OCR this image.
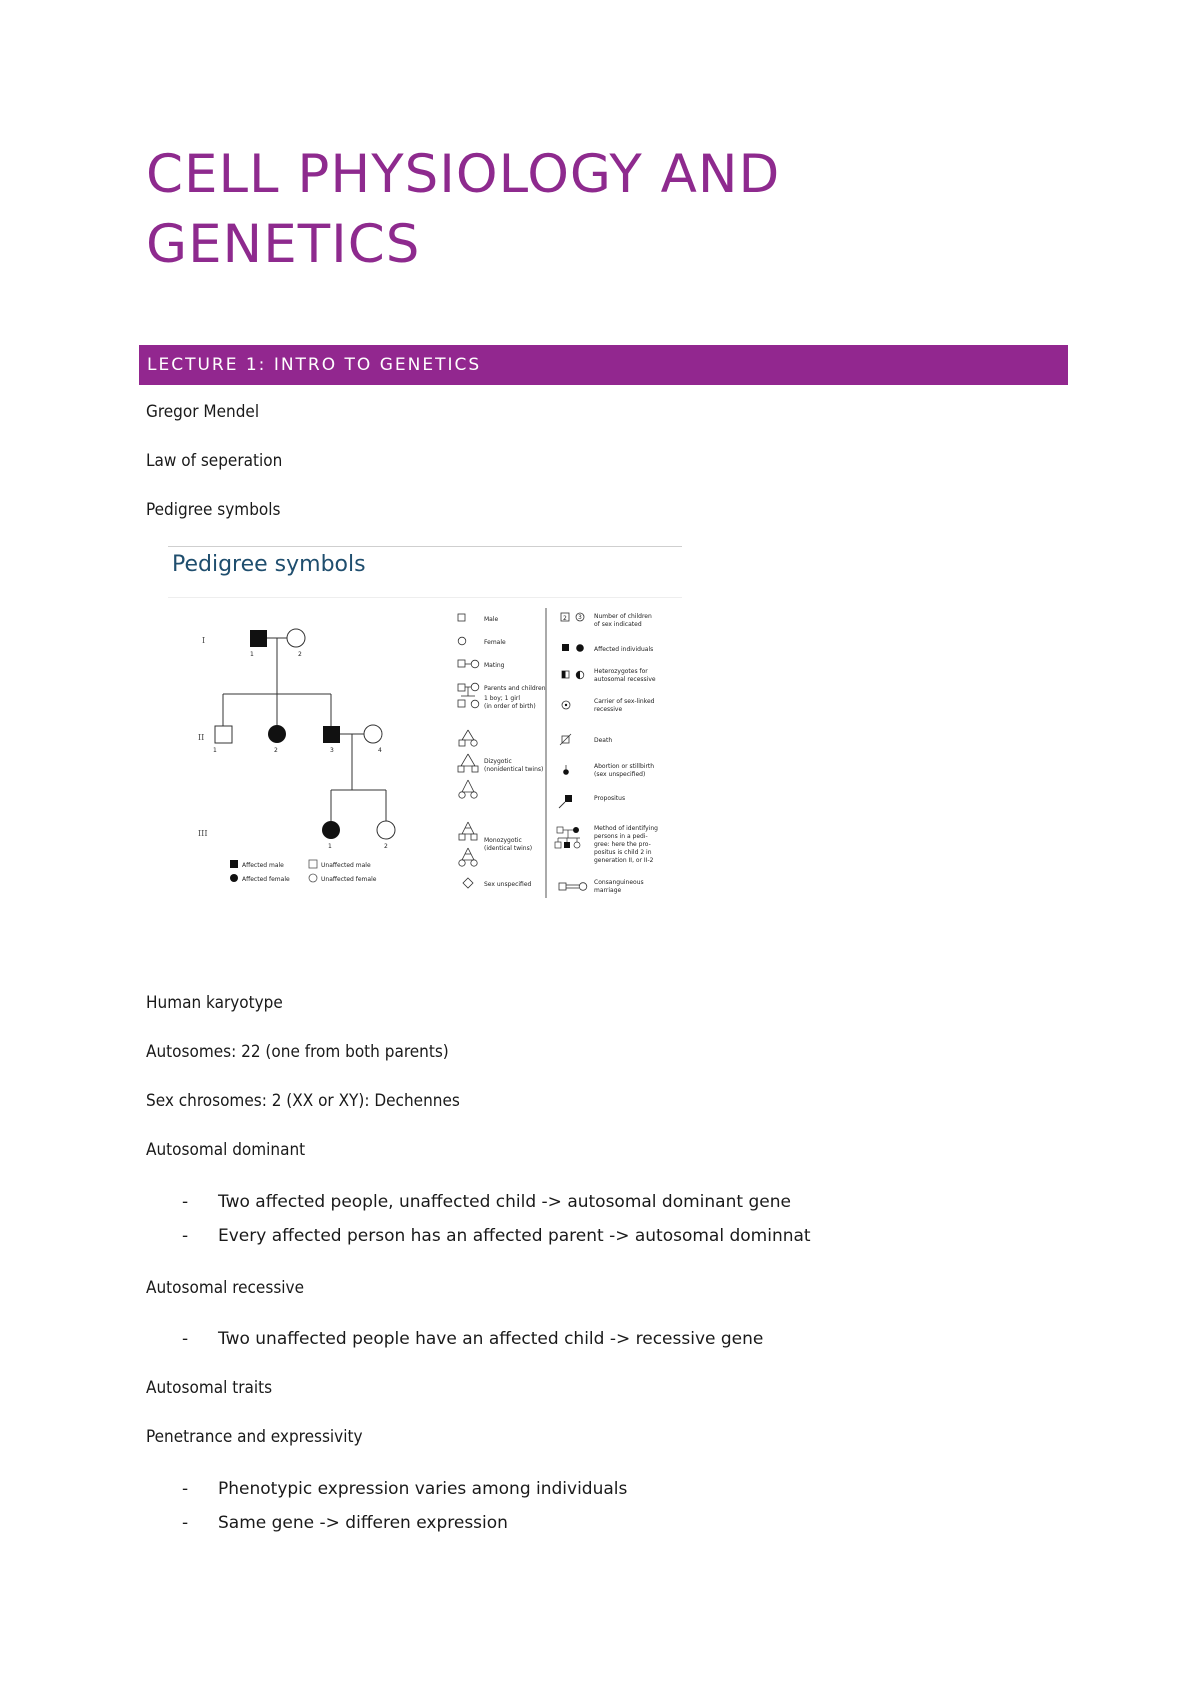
CELL PHYSIOLOGY AND
GENETICS
LECTURE 1: INTRO TO GENETICS
Gregor Mendel
Law of seperation
Pedigree symbols
Pedigree symbols
I
II
III
1	2
1	2	3	4
1	2
Affected male	Unaffected male
Affected female	Unaffected female
Male
Female
Mating
Parents and children
1 boy; 1 girl
(in order of birth)
Dizygotic
(nonidentical twins)
Monozygotic
(identical twins)
Sex unspecified
2 3 Number of children
of sex indicated
Affected individuals
Heterozygotes for
autosomal recessive
Carrier of sex-linked
recessive
Death
Abortion or stillbirth
(sex unspecified)
Propositus
Method of identifying
persons in a pedi-
gree: here the pro-
positus is child 2 in
generation II, or II-2
Consanguineous
marriage
Human karyotype
Autosomes: 22 (one from both parents)
Sex chrosomes: 2 (XX or XY): Dechennes
Autosomal dominant
- Two affected people, unaffected child -> autosomal dominant gene
- Every affected person has an affected parent -> autosomal dominnat
Autosomal recessive
- Two unaffected people have an affected child -> recessive gene
Autosomal traits
Penetrance and expressivity
- Phenotypic expression varies among individuals
- Same gene -> differen expression
